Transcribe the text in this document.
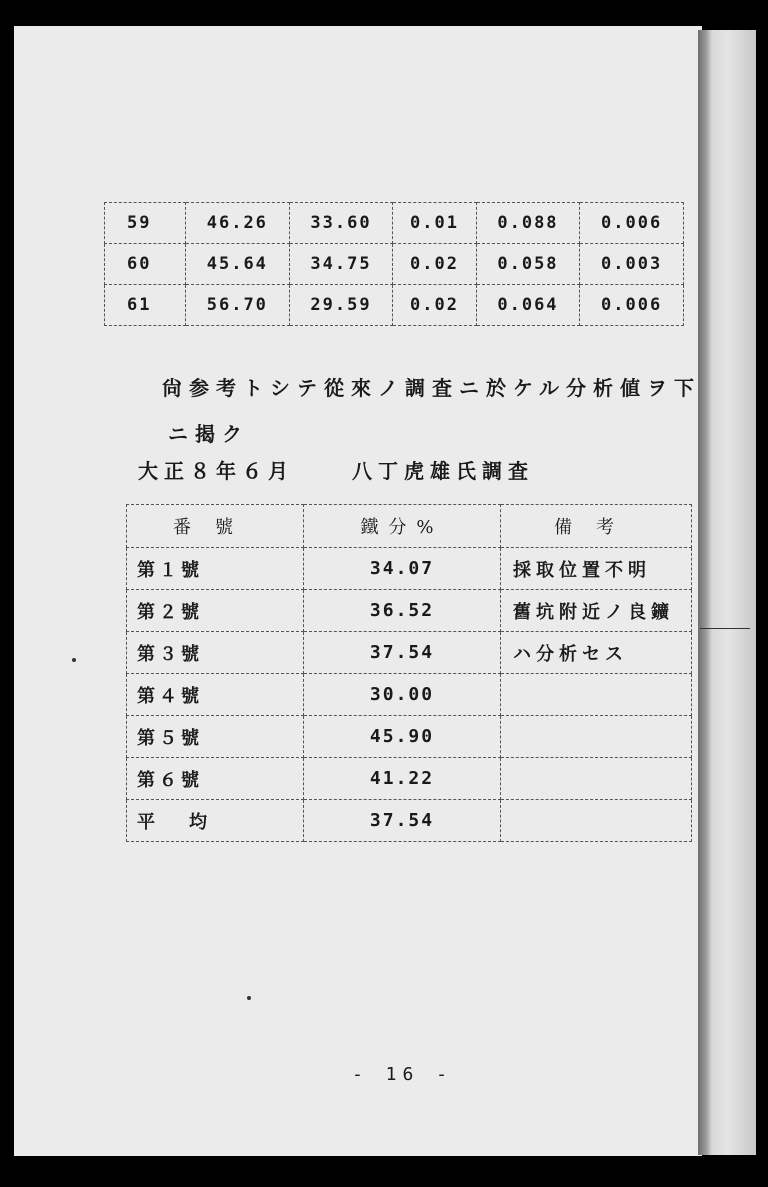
59	46.26	33.60	0.01	0.088	0.006
60	45.64	34.75	0.02	0.058	0.003
61	56.70	29.59	0.02	0.064	0.006
尙参考トシテ從來ノ調査ニ於ケル分析値ヲ下
ニ揭ク
大正８年６月	八丁虎雄氏調査
番號	鐵分%	備考
第１號	34.07	採取位置不明
第２號	36.52	舊坑附近ノ良鑛
第３號	37.54	ハ分析セス
第４號	30.00	
第５號	45.90	
第６號	41.22	
平均	37.54	
- 16 -
